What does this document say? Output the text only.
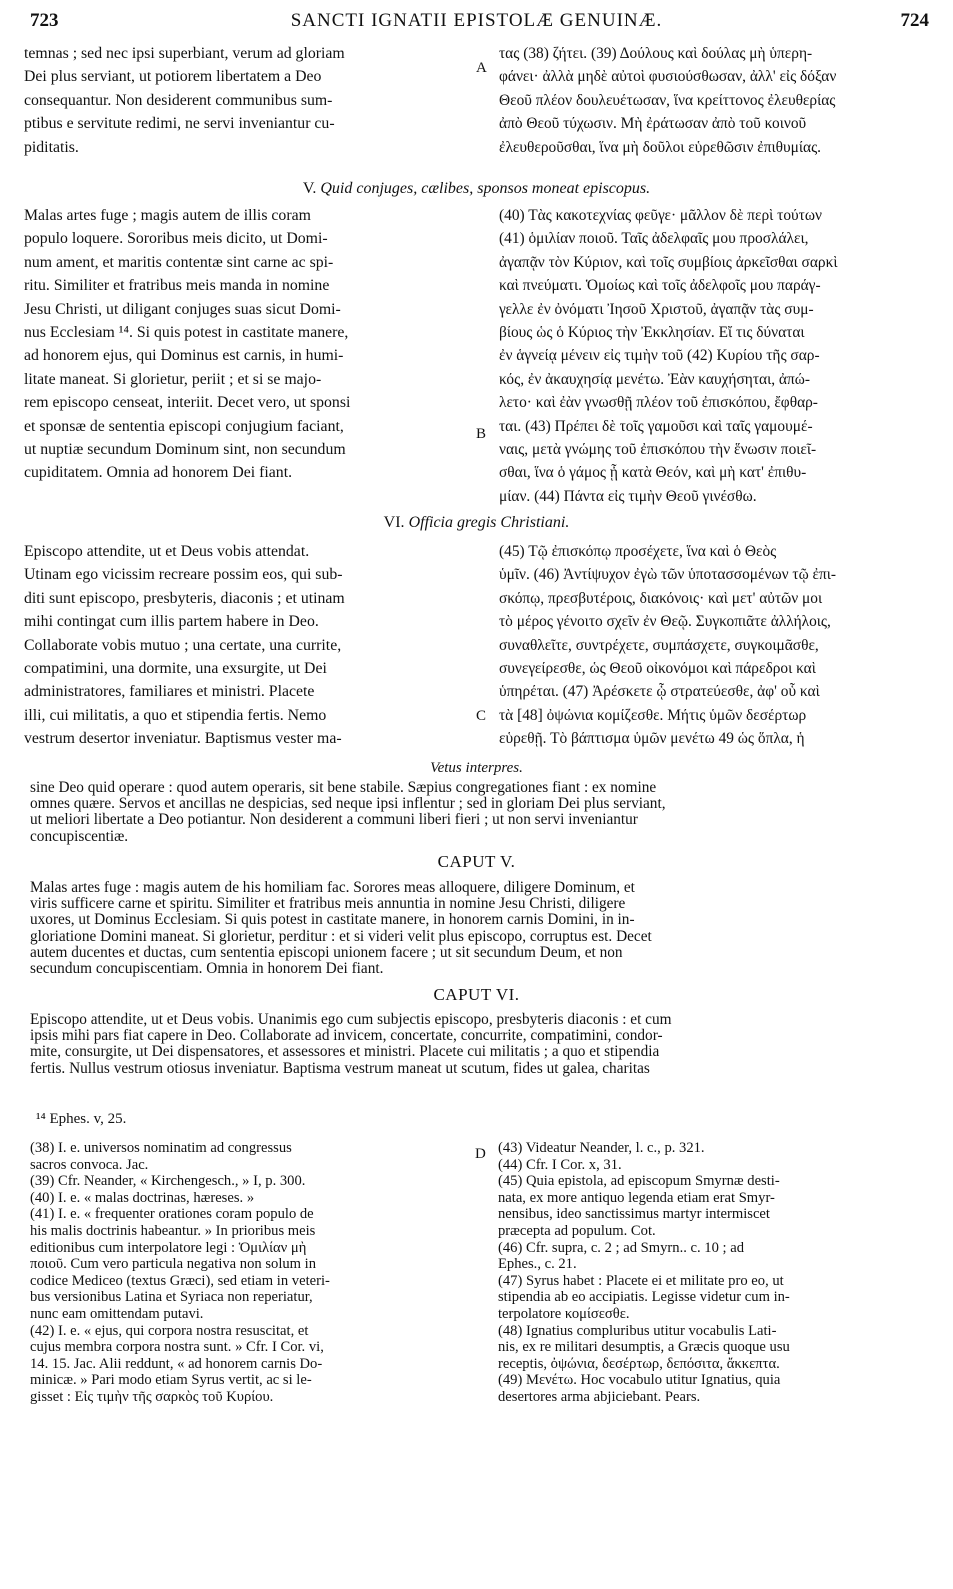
723	SANCTI IGNATII EPISTOLÆ GENUINÆ.	724
temnas ; sed nec ipsi superbiant, verum ad gloriam
Dei plus serviant, ut potiorem libertatem a Deo
consequantur. Non desiderent communibus sum-
ptibus e servitute redimi, ne servi inveniantur cu-
piditatis.
A
τας (38) ζήτει. (39) Δούλους καὶ δούλας μὴ ὑπερη-
φάνει· ἀλλὰ μηδὲ αὐτοὶ φυσιούσθωσαν, ἀλλ' εἰς δόξαν
Θεοῦ πλέον δουλευέτωσαν, ἵνα κρείττονος ἐλευθερίας
ἀπὸ Θεοῦ τύχωσιν. Μὴ ἐράτωσαν ἀπὸ τοῦ κοινοῦ
ἐλευθεροῦσθαι, ἵνα μὴ δοῦλοι εὑρεθῶσιν ἐπιθυμίας.
V. Quid conjuges, cælibes, sponsos moneat episcopus.
Malas artes fuge ; magis autem de illis coram
populo loquere. Sororibus meis dicito, ut Domi-
num ament, et maritis contentæ sint carne ac spi-
ritu. Similiter et fratribus meis manda in nomine
Jesu Christi, ut diligant conjuges suas sicut Domi-
nus Ecclesiam ¹⁴. Si quis potest in castitate manere,
ad honorem ejus, qui Dominus est carnis, in humi-
litate maneat. Si glorietur, periit ; et si se majo-
rem episcopo censeat, interiit. Decet vero, ut sponsi
et sponsæ de sententia episcopi conjugium faciant,
ut nuptiæ secundum Dominum sint, non secundum
cupiditatem. Omnia ad honorem Dei fiant.
B
(40) Τὰς κακοτεχνίας φεῦγε· μᾶλλον δὲ περὶ τούτων
(41) ὁμιλίαν ποιοῦ. Ταῖς ἀδελφαῖς μου προσλάλει,
ἀγαπᾷν τὸν Κύριον, καὶ τοῖς συμβίοις ἀρκεῖσθαι σαρκὶ
καὶ πνεύματι. Ὁμοίως καὶ τοῖς ἀδελφοῖς μου παράγ-
γελλε ἐν ὀνόματι Ἰησοῦ Χριστοῦ, ἀγαπᾷν τὰς συμ-
βίους ὡς ὁ Κύριος τὴν Ἐκκλησίαν. Εἴ τις δύναται
ἐν ἁγνείᾳ μένειν εἰς τιμὴν τοῦ (42) Κυρίου τῆς σαρ-
κός, ἐν ἀκαυχησίᾳ μενέτω. Ἐὰν καυχήσηται, ἀπώ-
λετο· καὶ ἐὰν γνωσθῇ πλέον τοῦ ἐπισκόπου, ἔφθαρ-
ται. (43) Πρέπει δὲ τοῖς γαμοῦσι καὶ ταῖς γαμουμέ-
ναις, μετὰ γνώμης τοῦ ἐπισκόπου τὴν ἕνωσιν ποιεῖ-
σθαι, ἵνα ὁ γάμος ᾖ κατὰ Θεόν, καὶ μὴ κατ' ἐπιθυ-
μίαν. (44) Πάντα εἰς τιμὴν Θεοῦ γινέσθω.
VI. Officia gregis Christiani.
Episcopo attendite, ut et Deus vobis attendat.
Utinam ego vicissim recreare possim eos, qui sub-
diti sunt episcopo, presbyteris, diaconis ; et utinam
mihi contingat cum illis partem habere in Deo.
Collaborate vobis mutuo ; una certate, una currite,
compatimini, una dormite, una exsurgite, ut Dei
administratores, familiares et ministri. Placete
illi, cui militatis, a quo et stipendia fertis. Nemo
vestrum desertor inveniatur. Baptismus vester ma-
C
(45) Τῷ ἐπισκόπῳ προσέχετε, ἵνα καὶ ὁ Θεὸς
ὑμῖν. (46) Ἀντίψυχον ἐγὼ τῶν ὑποτασσομένων τῷ ἐπι-
σκόπῳ, πρεσβυτέροις, διακόνοις· καὶ μετ' αὐτῶν μοι
τὸ μέρος γένοιτο σχεῖν ἐν Θεῷ. Συγκοπιᾶτε ἀλλήλοις,
συναθλεῖτε, συντρέχετε, συμπάσχετε, συγκοιμᾶσθε,
συνεγείρεσθε, ὡς Θεοῦ οἰκονόμοι καὶ πάρεδροι καὶ
ὑπηρέται. (47) Ἀρέσκετε ᾧ στρατεύεσθε, ἀφ' οὗ καὶ
τὰ [48] ὀψώνια κομίζεσθε. Μήτις ὑμῶν δεσέρτωρ
εὑρεθῇ. Τὸ βάπτισμα ὑμῶν μενέτω 49 ὡς ὅπλα, ἡ
Vetus interpres.
sine Deo quid operare : quod autem operaris, sit bene stabile. Sæpius congregationes fiant : ex nomine
omnes quære. Servos et ancillas ne despicias, sed neque ipsi inflentur ; sed in gloriam Dei plus serviant,
ut meliori libertate a Deo potiantur. Non desiderent a communi liberi fieri ; ut non servi inveniantur
concupiscentiæ.
CAPUT V.
Malas artes fuge : magis autem de his homiliam fac. Sorores meas alloquere, diligere Dominum, et
viris sufficere carne et spiritu. Similiter et fratribus meis annuntia in nomine Jesu Christi, diligere
uxores, ut Dominus Ecclesiam. Si quis potest in castitate manere, in honorem carnis Domini, in in-
gloriatione Domini maneat. Si glorietur, perditur : et si videri velit plus episcopo, corruptus est. Decet
autem ducentes et ductas, cum sententia episcopi unionem facere ; ut sit secundum Deum, et non
secundum concupiscentiam. Omnia in honorem Dei fiant.
CAPUT VI.
Episcopo attendite, ut et Deus vobis. Unanimis ego cum subjectis episcopo, presbyteris diaconis : et cum
ipsis mihi pars fiat capere in Deo. Collaborate ad invicem, concertate, concurrite, compatimini, condor-
mite, consurgite, ut Dei dispensatores, et assessores et ministri. Placete cui militatis ; a quo et stipendia
fertis. Nullus vestrum otiosus inveniatur. Baptisma vestrum maneat ut scutum, fides ut galea, charitas
¹⁴ Ephes. v, 25.
(38) I. e. universos nominatim ad congressus
sacros convoca. Jac.
(39) Cfr. Neander, « Kirchengesch., » I, p. 300.
(40) I. e. « malas doctrinas, hæreses. »
(41) I. e. « frequenter orationes coram populo de
his malis doctrinis habeantur. » In prioribus meis
editionibus cum interpolatore legi : Ὁμιλίαν μὴ
ποιοῦ. Cum vero particula negativa non solum in
codice Mediceo (textus Græci), sed etiam in veteri-
bus versionibus Latina et Syriaca non reperiatur,
nunc eam omittendam putavi.
(42) I. e. « ejus, qui corpora nostra resuscitat, et
cujus membra corpora nostra sunt. » Cfr. I Cor. vi,
14. 15. Jac. Alii reddunt, « ad honorem carnis Do-
minicæ. » Pari modo etiam Syrus vertit, ac si le-
gisset : Εἰς τιμὴν τῆς σαρκὸς τοῦ Κυρίου.
D (43) Videatur Neander, l. c., p. 321.
(44) Cfr. I Cor. x, 31.
(45) Quia epistola, ad episcopum Smyrnæ desti-
nata, ex more antiquo legenda etiam erat Smyr-
nensibus, ideo sanctissimus martyr intermiscet
præcepta ad populum. Cot.
(46) Cfr. supra, c. 2 ; ad Smyrn.. c. 10 ; ad
Ephes., c. 21.
(47) Syrus habet : Placete ei et militate pro eo, ut
stipendia ab eo accipiatis. Legisse videtur cum in-
terpolatore κομίσεσθε.
(48) Ignatius compluribus utitur vocabulis Lati-
nis, ex re militari desumptis, a Græcis quoque usu
receptis, ὀψώνια, δεσέρτωρ, δεπόσιτα, ἄκκεπτα.
(49) Μενέτω. Hoc vocabulo utitur Ignatius, quia
desertores arma abjiciebant. Pears.
